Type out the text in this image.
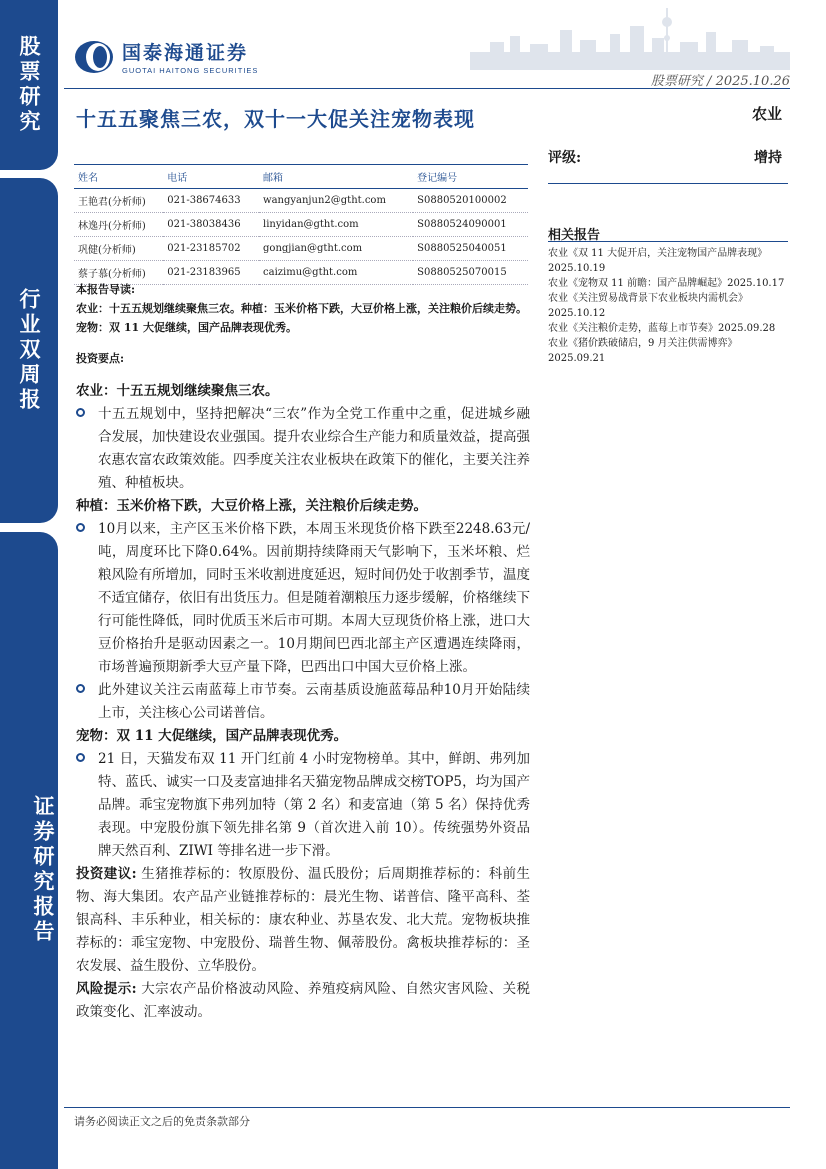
股票研究
行业双周报
证券研究报告
国泰海通证券
GUOTAI HAITONG SECURITIES
股票研究 / 2025.10.26
十五五聚焦三农，双十一大促关注宠物表现	农业
评级:	增持
姓名	电话	邮箱	登记编号
王艳君(分析师)	021-38674633	wangyanjun2@gtht.com	S0880520100002
林逸丹(分析师)	021-38038436	linyidan@gtht.com	S0880524090001
巩健(分析师)	021-23185702	gongjian@gtht.com	S0880525040051
蔡子慕(分析师)	021-23183965	caizimu@gtht.com	S0880525070015
相关报告
农业《双 11 大促开启，关注宠物国产品牌表现》
2025.10.19
农业《宠物双 11 前瞻：国产品牌崛起》2025.10.17
农业《关注贸易战背景下农业板块内需机会》
2025.10.12
农业《关注粮价走势，蓝莓上市节奏》2025.09.28
农业《猪价跌破储启，9 月关注供需博弈》
2025.09.21
本报告导读:
农业：十五五规划继续聚焦三农。种植：玉米价格下跌，大豆价格上涨，关注粮价后续走势。宠物：双 11 大促继续，国产品牌表现优秀。
投资要点:
农业：十五五规划继续聚焦三农。
十五五规划中，坚持把解决“三农”作为全党工作重中之重，促进城乡融合发展，加快建设农业强国。提升农业综合生产能力和质量效益，提高强农惠农富农政策效能。四季度关注农业板块在政策下的催化，主要关注养殖、种植板块。
种植：玉米价格下跌，大豆价格上涨，关注粮价后续走势。
10月以来，主产区玉米价格下跌，本周玉米现货价格下跌至2248.63元/吨，周度环比下降0.64%。因前期持续降雨天气影响下，玉米坏粮、烂粮风险有所增加，同时玉米收割进度延迟，短时间仍处于收割季节，温度不适宜储存，依旧有出货压力。但是随着潮粮压力逐步缓解，价格继续下行可能性降低，同时优质玉米后市可期。本周大豆现货价格上涨，进口大豆价格抬升是驱动因素之一。10月期间巴西北部主产区遭遇连续降雨，市场普遍预期新季大豆产量下降，巴西出口中国大豆价格上涨。
此外建议关注云南蓝莓上市节奏。云南基质设施蓝莓品种10月开始陆续上市，关注核心公司诺普信。
宠物：双 11 大促继续，国产品牌表现优秀。
21 日，天猫发布双 11 开门红前 4 小时宠物榜单。其中，鲜朗、弗列加特、蓝氏、诚实一口及麦富迪排名天猫宠物品牌成交榜TOP5，均为国产品牌。乖宝宠物旗下弗列加特（第 2 名）和麦富迪（第 5 名）保持优秀表现。中宠股份旗下领先排名第 9（首次进入前 10）。传统强势外资品牌天然百利、ZIWI 等排名进一步下滑。
投资建议: 生猪推荐标的：牧原股份、温氏股份；后周期推荐标的：科前生物、海大集团。农产品产业链推荐标的：晨光生物、诺普信、隆平高科、荃银高科、丰乐种业，相关标的：康农种业、苏垦农发、北大荒。宠物板块推荐标的：乖宝宠物、中宠股份、瑞普生物、佩蒂股份。禽板块推荐标的：圣农发展、益生股份、立华股份。
风险提示: 大宗农产品价格波动风险、养殖疫病风险、自然灾害风险、关税政策变化、汇率波动。
请务必阅读正文之后的免责条款部分
